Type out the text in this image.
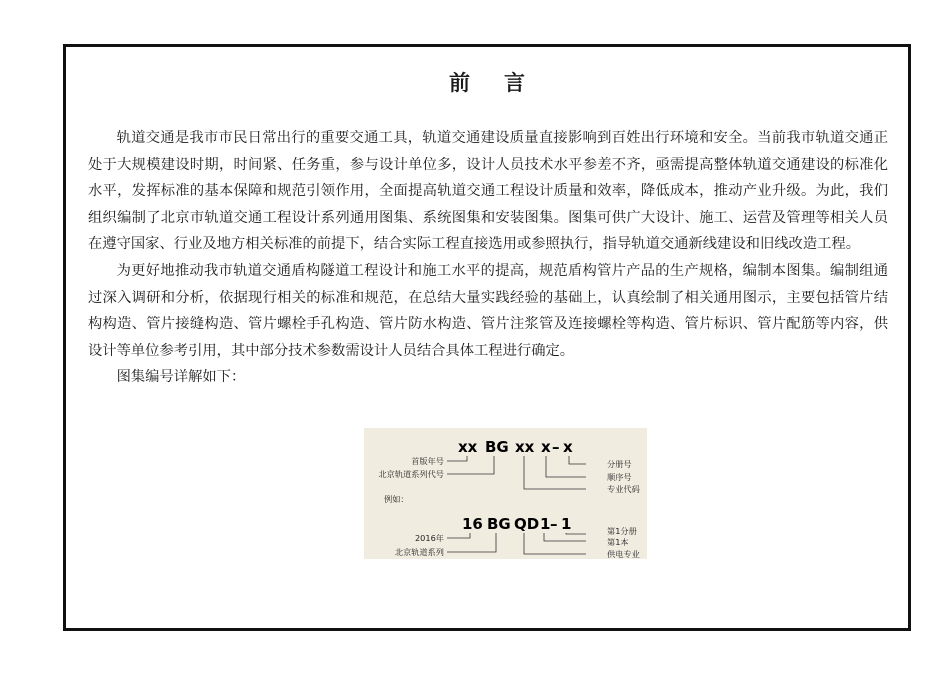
前 言

轨道交通是我市市民日常出行的重要交通工具，轨道交通建设质量直接影响到百姓出行环境和安全。当前我市轨道交通正处于大规模建设时期，时间紧、任务重，参与设计单位多，设计人员技术水平参差不齐，亟需提高整体轨道交通建设的标准化水平，发挥标准的基本保障和规范引领作用，全面提高轨道交通工程设计质量和效率，降低成本，推动产业升级。为此，我们组织编制了北京市轨道交通工程设计系列通用图集、系统图集和安装图集。图集可供广大设计、施工、运营及管理等相关人员在遵守国家、行业及地方相关标准的前提下，结合实际工程直接选用或参照执行，指导轨道交通新线建设和旧线改造工程。

为更好地推动我市轨道交通盾构隧道工程设计和施工水平的提高，规范盾构管片产品的生产规格，编制本图集。编制组通过深入调研和分析，依据现行相关的标准和规范，在总结大量实践经验的基础上，认真绘制了相关通用图示，主要包括管片结构构造、管片接缝构造、管片螺栓手孔构造、管片防水构造、管片注浆管及连接螺栓等构造、管片标识、管片配筋等内容，供设计等单位参考引用，其中部分技术参数需设计人员结合具体工程进行确定。

图集编号详解如下：

xx BG xx x – x
首版年号
北京轨道系列代号
专业代码
顺序号
分册号
例如：
16 BG QD 1 – 1
2016年
北京轨道系列	供电专业
第1本
第1分册
